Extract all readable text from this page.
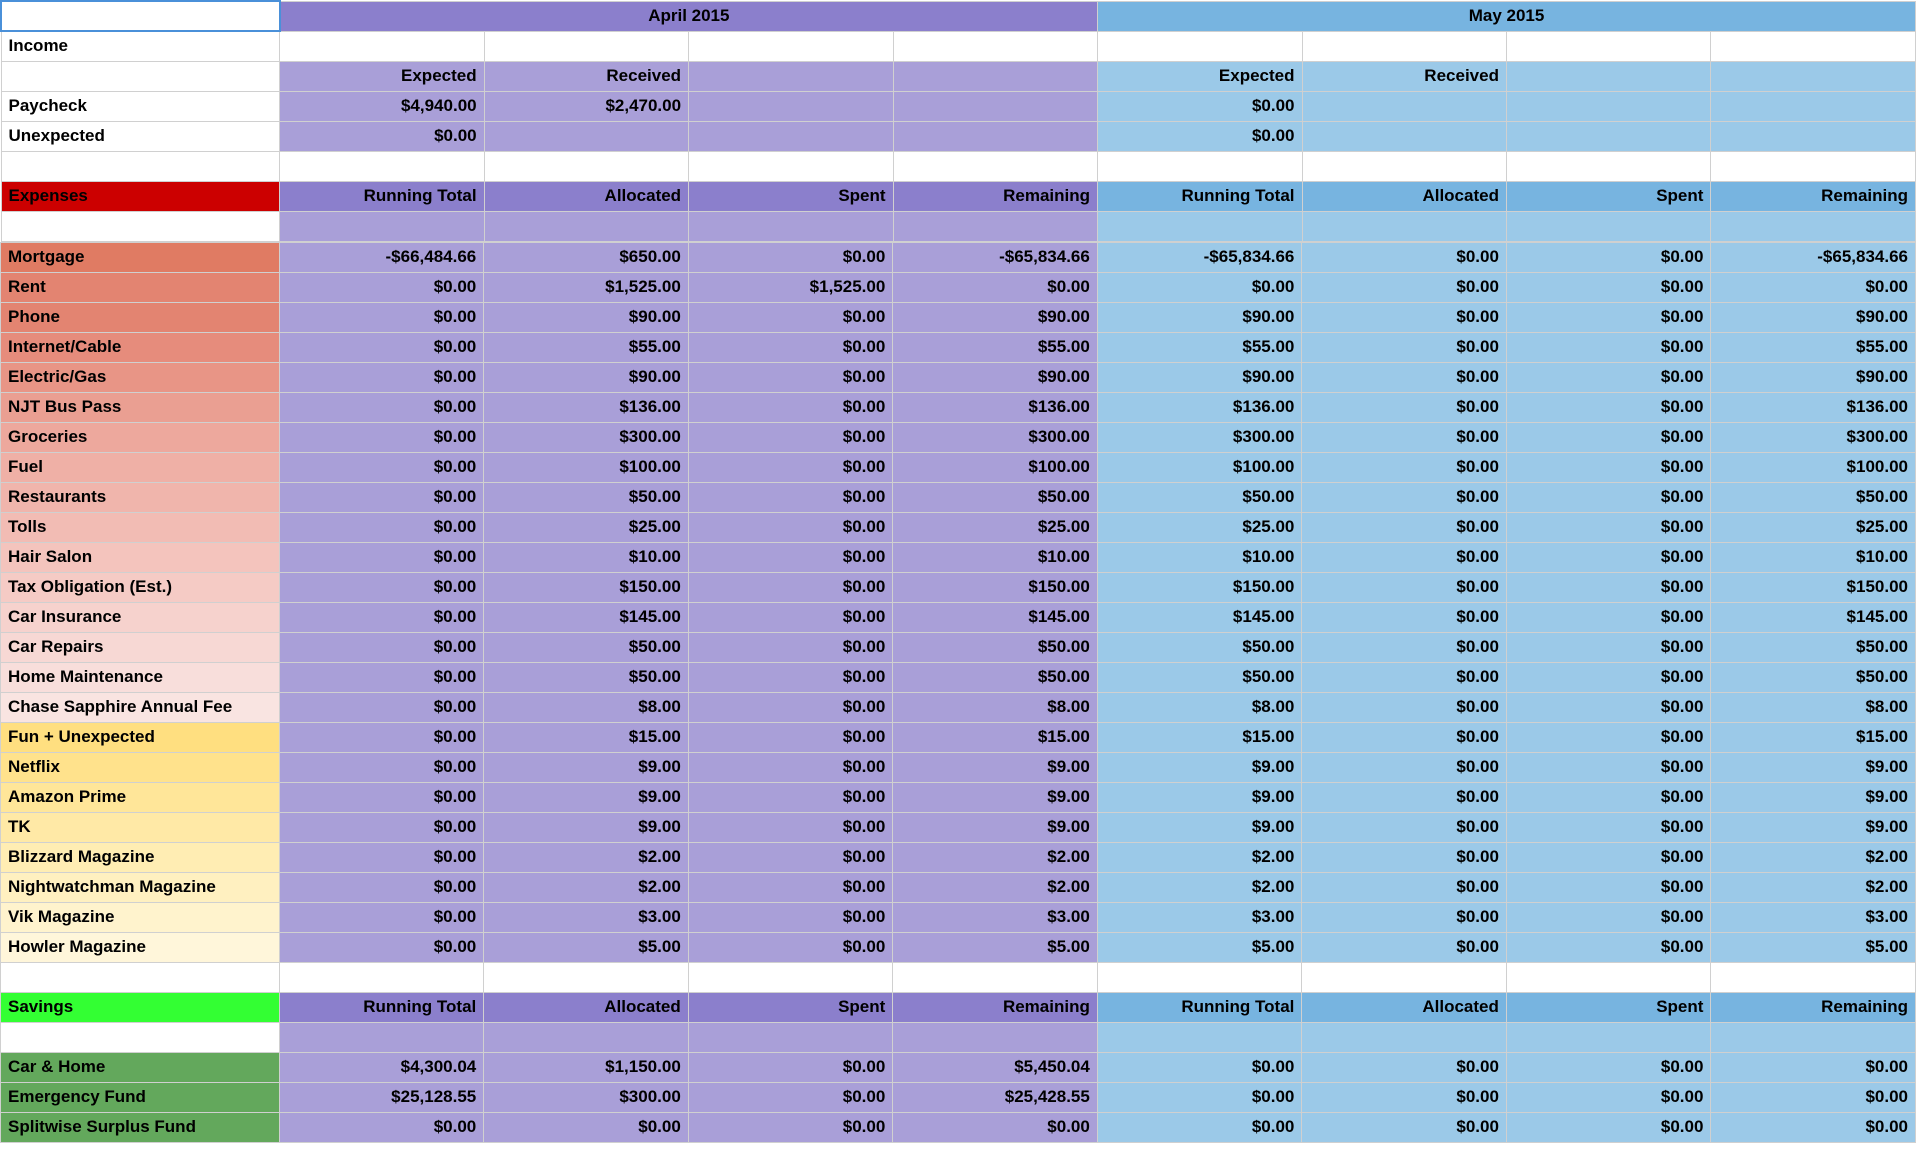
	April 2015				May 2015			
Income								
	Expected	Received			Expected	Received		
Paycheck	$4,940.00	$2,470.00			$0.00			
Unexpected	$0.00				$0.00			

Expenses	Running Total	Allocated	Spent	Remaining	Running Total	Allocated	Spent	Remaining

Mortgage	-$66,484.66	$650.00	$0.00	-$65,834.66	-$65,834.66	$0.00	$0.00	-$65,834.66
Rent	$0.00	$1,525.00	$1,525.00	$0.00	$0.00	$0.00	$0.00	$0.00
Phone	$0.00	$90.00	$0.00	$90.00	$90.00	$0.00	$0.00	$90.00
Internet/Cable	$0.00	$55.00	$0.00	$55.00	$55.00	$0.00	$0.00	$55.00
Electric/Gas	$0.00	$90.00	$0.00	$90.00	$90.00	$0.00	$0.00	$90.00
NJT Bus Pass	$0.00	$136.00	$0.00	$136.00	$136.00	$0.00	$0.00	$136.00
Groceries	$0.00	$300.00	$0.00	$300.00	$300.00	$0.00	$0.00	$300.00
Fuel	$0.00	$100.00	$0.00	$100.00	$100.00	$0.00	$0.00	$100.00
Restaurants	$0.00	$50.00	$0.00	$50.00	$50.00	$0.00	$0.00	$50.00
Tolls	$0.00	$25.00	$0.00	$25.00	$25.00	$0.00	$0.00	$25.00
Hair Salon	$0.00	$10.00	$0.00	$10.00	$10.00	$0.00	$0.00	$10.00
Tax Obligation (Est.)	$0.00	$150.00	$0.00	$150.00	$150.00	$0.00	$0.00	$150.00
Car Insurance	$0.00	$145.00	$0.00	$145.00	$145.00	$0.00	$0.00	$145.00
Car Repairs	$0.00	$50.00	$0.00	$50.00	$50.00	$0.00	$0.00	$50.00
Home Maintenance	$0.00	$50.00	$0.00	$50.00	$50.00	$0.00	$0.00	$50.00
Chase Sapphire Annual Fee	$0.00	$8.00	$0.00	$8.00	$8.00	$0.00	$0.00	$8.00
Fun + Unexpected	$0.00	$15.00	$0.00	$15.00	$15.00	$0.00	$0.00	$15.00
Netflix	$0.00	$9.00	$0.00	$9.00	$9.00	$0.00	$0.00	$9.00
Amazon Prime	$0.00	$9.00	$0.00	$9.00	$9.00	$0.00	$0.00	$9.00
TK	$0.00	$9.00	$0.00	$9.00	$9.00	$0.00	$0.00	$9.00
Blizzard Magazine	$0.00	$2.00	$0.00	$2.00	$2.00	$0.00	$0.00	$2.00
Nightwatchman Magazine	$0.00	$2.00	$0.00	$2.00	$2.00	$0.00	$0.00	$2.00
Vik Magazine	$0.00	$3.00	$0.00	$3.00	$3.00	$0.00	$0.00	$3.00
Howler Magazine	$0.00	$5.00	$0.00	$5.00	$5.00	$0.00	$0.00	$5.00

Savings	Running Total	Allocated	Spent	Remaining	Running Total	Allocated	Spent	Remaining

Car & Home	$4,300.04	$1,150.00	$0.00	$5,450.04	$0.00	$0.00	$0.00	$0.00
Emergency Fund	$25,128.55	$300.00	$0.00	$25,428.55	$0.00	$0.00	$0.00	$0.00
Splitwise Surplus Fund	$0.00	$0.00	$0.00	$0.00	$0.00	$0.00	$0.00	$0.00
